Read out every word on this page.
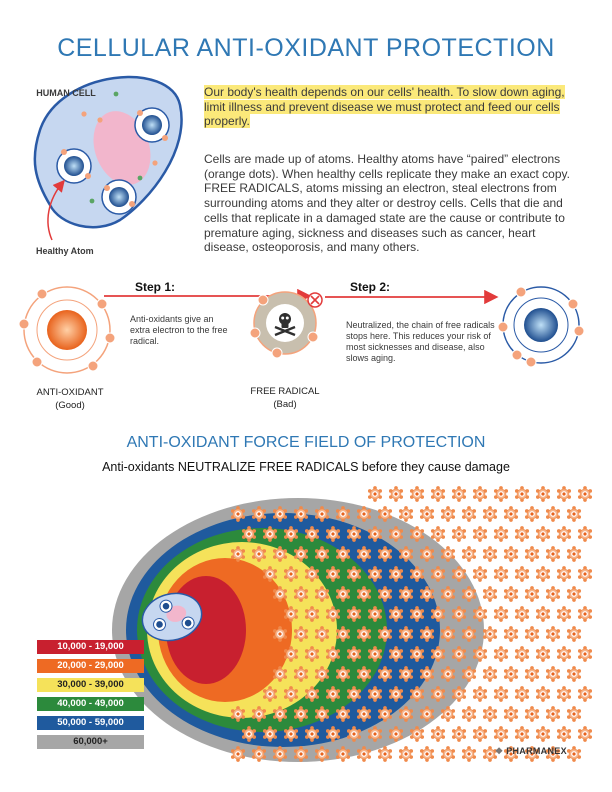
CELLULAR ANTI-OXIDANT PROTECTION
HUMAN CELL
Healthy Atom
Our body's health depends on our cells' health. To slow down aging, limit illness and prevent disease we must protect and feed our cells properly.
Cells are made up of atoms. Healthy atoms have “paired” electrons (orange dots). When healthy cells replicate they make an exact copy. FREE RADICALS, atoms missing an electron, steal electrons from surrounding atoms and they alter or destroy cells. Cells that die and cells that replicate in a damaged state are the cause or contribute to premature aging, sickness and diseases such as cancer, heart disease, osteoporosis, and many others.
Step 1:	Step 2:
Anti-oxidants give an extra electron to the free radical.
Neutralized, the chain of free radicals stops here. This reduces your risk of most sicknesses and disease, also slows aging.
ANTI-OXIDANT
(Good)
FREE RADICAL
(Bad)
ANTI-OXIDANT FORCE FIELD OF PROTECTION
Anti-oxidants NEUTRALIZE FREE RADICALS before they cause damage
10,000 - 19,000
20,000 - 29,000
30,000 - 39,000
40,000 - 49,000
50,000 - 59,000
60,000+
❖ PHARMANEX
